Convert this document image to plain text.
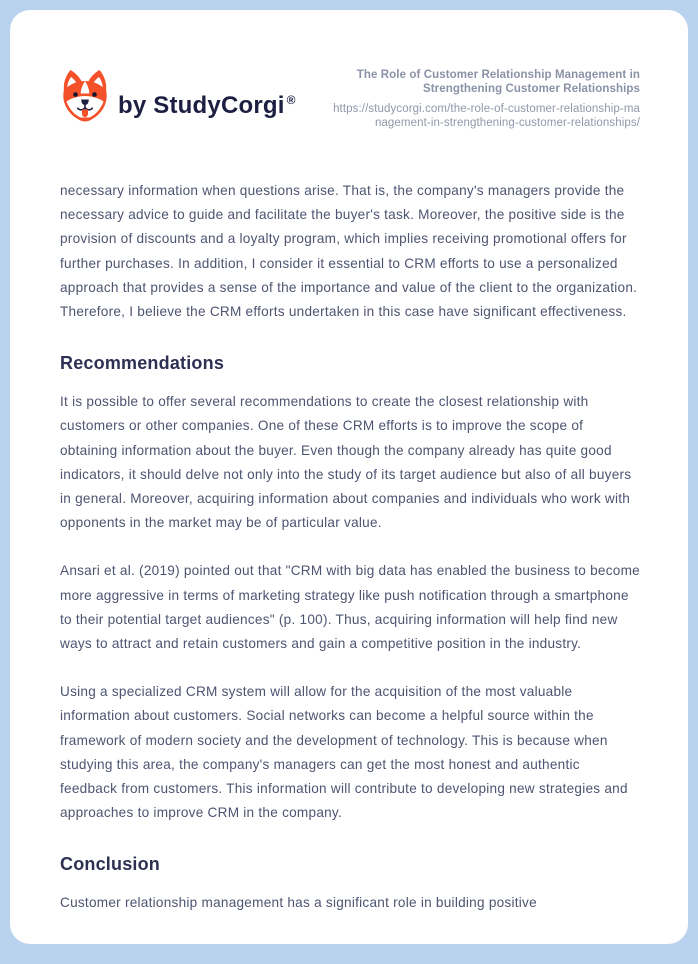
by StudyCorgi ®
The Role of Customer Relationship Management in Strengthening Customer Relationships
https://studycorgi.com/the-role-of-customer-relationship-management-in-strengthening-customer-relationships/

necessary information when questions arise. That is, the company's managers provide the necessary advice to guide and facilitate the buyer's task. Moreover, the positive side is the provision of discounts and a loyalty program, which implies receiving promotional offers for further purchases. In addition, I consider it essential to CRM efforts to use a personalized approach that provides a sense of the importance and value of the client to the organization. Therefore, I believe the CRM efforts undertaken in this case have significant effectiveness.

Recommendations

It is possible to offer several recommendations to create the closest relationship with customers or other companies. One of these CRM efforts is to improve the scope of obtaining information about the buyer. Even though the company already has quite good indicators, it should delve not only into the study of its target audience but also of all buyers in general. Moreover, acquiring information about companies and individuals who work with opponents in the market may be of particular value.

Ansari et al. (2019) pointed out that "CRM with big data has enabled the business to become more aggressive in terms of marketing strategy like push notification through a smartphone to their potential target audiences" (p. 100). Thus, acquiring information will help find new ways to attract and retain customers and gain a competitive position in the industry.

Using a specialized CRM system will allow for the acquisition of the most valuable information about customers. Social networks can become a helpful source within the framework of modern society and the development of technology. This is because when studying this area, the company's managers can get the most honest and authentic feedback from customers. This information will contribute to developing new strategies and approaches to improve CRM in the company.

Conclusion

Customer relationship management has a significant role in building positive
